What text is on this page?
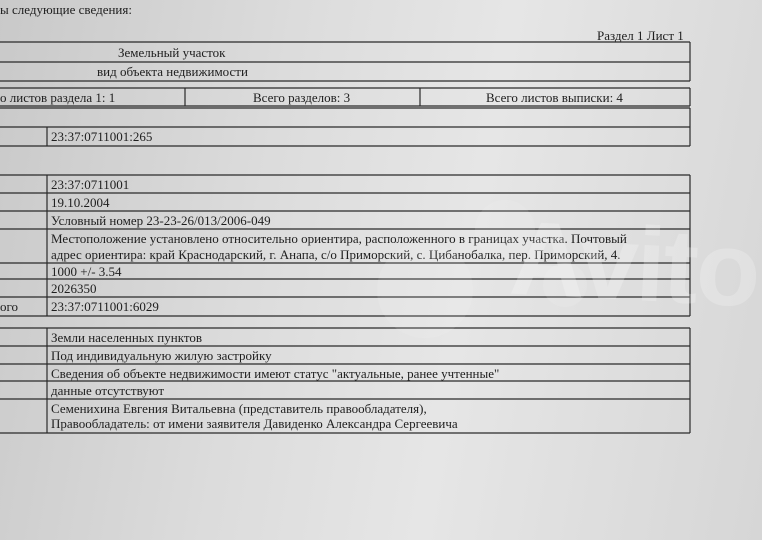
ы следующие сведения:
Раздел 1 Лист 1
Земельный участок
вид объекта недвижимости
о листов раздела 1: 1	Всего разделов: 3	Всего листов выписки: 4
23:37:0711001:265
23:37:0711001
19.10.2004
Условный номер 23-23-26/013/2006-049
Местоположение установлено относительно ориентира, расположенного в границах участка. Почтовый
адрес ориентира: край Краснодарский, г. Анапа, с/о Приморский, с. Цибанобалка, пер. Приморский, 4.
1000 +/- 3.54
2026350
ого	23:37:0711001:6029
Земли населенных пунктов
Под индивидуальную жилую застройку
Сведения об объекте недвижимости имеют статус "актуальные, ранее учтенные"
данные отсутствуют
Семенихина Евгения Витальевна (представитель правообладателя),
Правообладатель: от имени заявителя Давиденко Александра Сергеевича
Avito
